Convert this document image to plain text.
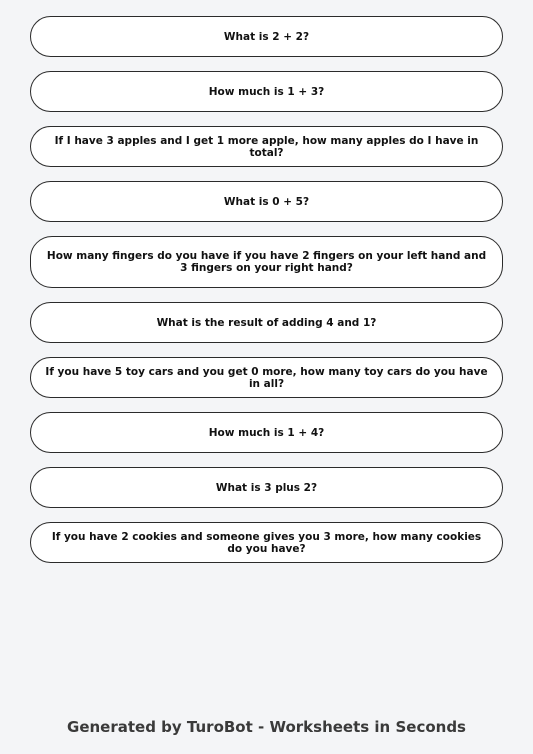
What is 2 + 2?
How much is 1 + 3?
If I have 3 apples and I get 1 more apple, how many apples do I have in total?
What is 0 + 5?
How many fingers do you have if you have 2 fingers on your left hand and 3 fingers on your right hand?
What is the result of adding 4 and 1?
If you have 5 toy cars and you get 0 more, how many toy cars do you have in all?
How much is 1 + 4?
What is 3 plus 2?
If you have 2 cookies and someone gives you 3 more, how many cookies do you have?
Generated by TuroBot - Worksheets in Seconds
